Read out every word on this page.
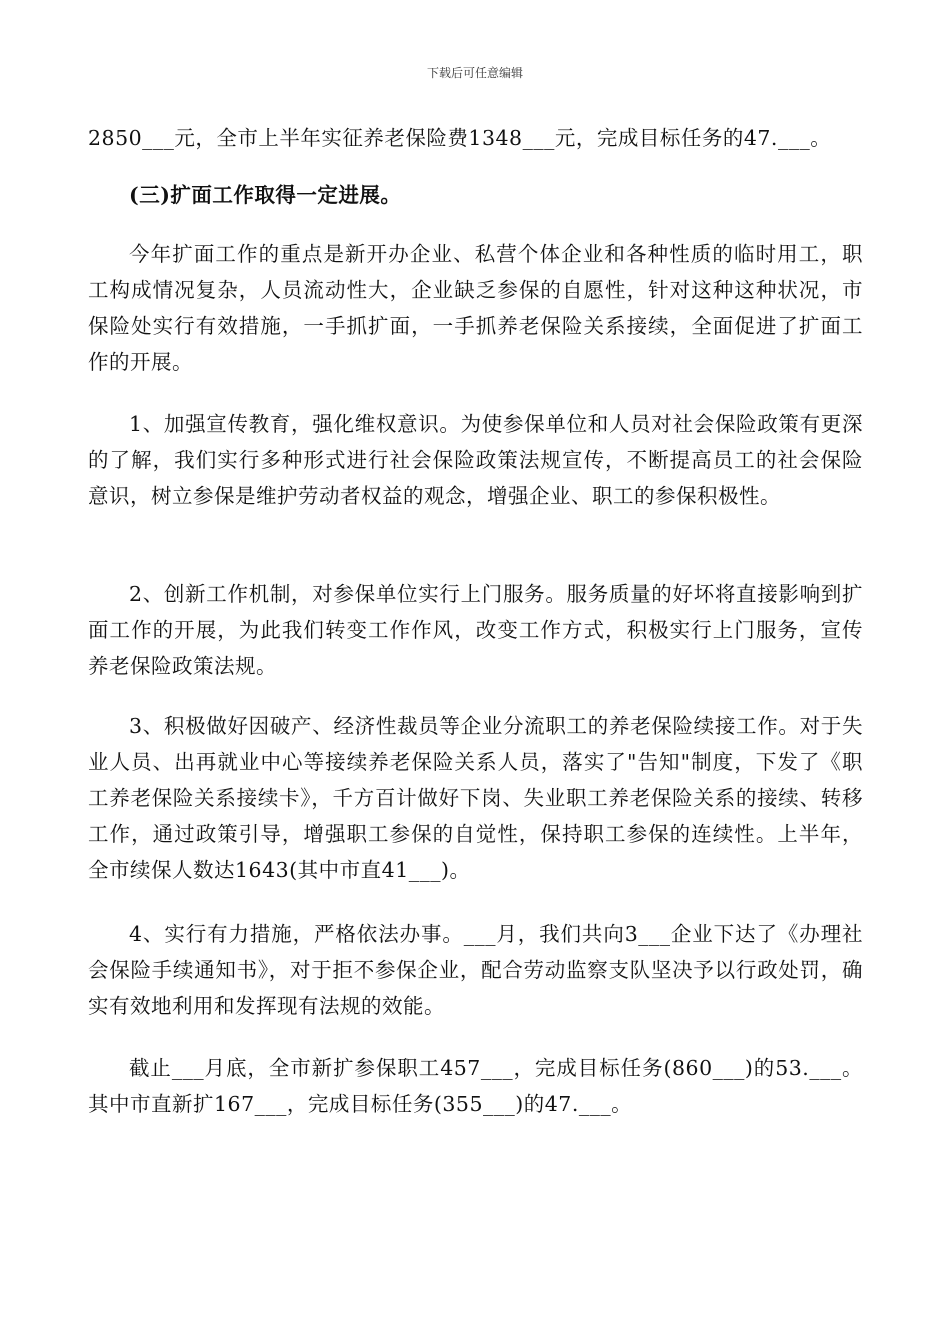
下载后可任意编辑

2850___元，全市上半年实征养老保险费1348___元，完成目标任务的47.___。

(三)扩面工作取得一定进展。

今年扩面工作的重点是新开办企业、私营个体企业和各种性质的临时用工，职工构成情况复杂，人员流动性大，企业缺乏参保的自愿性，针对这种这种状况，市保险处实行有效措施，一手抓扩面，一手抓养老保险关系接续，全面促进了扩面工作的开展。

1、加强宣传教育，强化维权意识。为使参保单位和人员对社会保险政策有更深的了解，我们实行多种形式进行社会保险政策法规宣传，不断提高员工的社会保险意识，树立参保是维护劳动者权益的观念，增强企业、职工的参保积极性。

2、创新工作机制，对参保单位实行上门服务。服务质量的好坏将直接影响到扩面工作的开展，为此我们转变工作作风，改变工作方式，积极实行上门服务，宣传养老保险政策法规。

3、积极做好因破产、经济性裁员等企业分流职工的养老保险续接工作。对于失业人员、出再就业中心等接续养老保险关系人员，落实了"告知"制度，下发了《职工养老保险关系接续卡》，千方百计做好下岗、失业职工养老保险关系的接续、转移工作，通过政策引导，增强职工参保的自觉性，保持职工参保的连续性。上半年，全市续保人数达1643(其中市直41___)。

4、实行有力措施，严格依法办事。___月，我们共向3___企业下达了《办理社会保险手续通知书》，对于拒不参保企业，配合劳动监察支队坚决予以行政处罚，确实有效地利用和发挥现有法规的效能。

截止___月底，全市新扩参保职工457___，完成目标任务(860___)的53.___。其中市直新扩167___，完成目标任务(355___)的47.___。
